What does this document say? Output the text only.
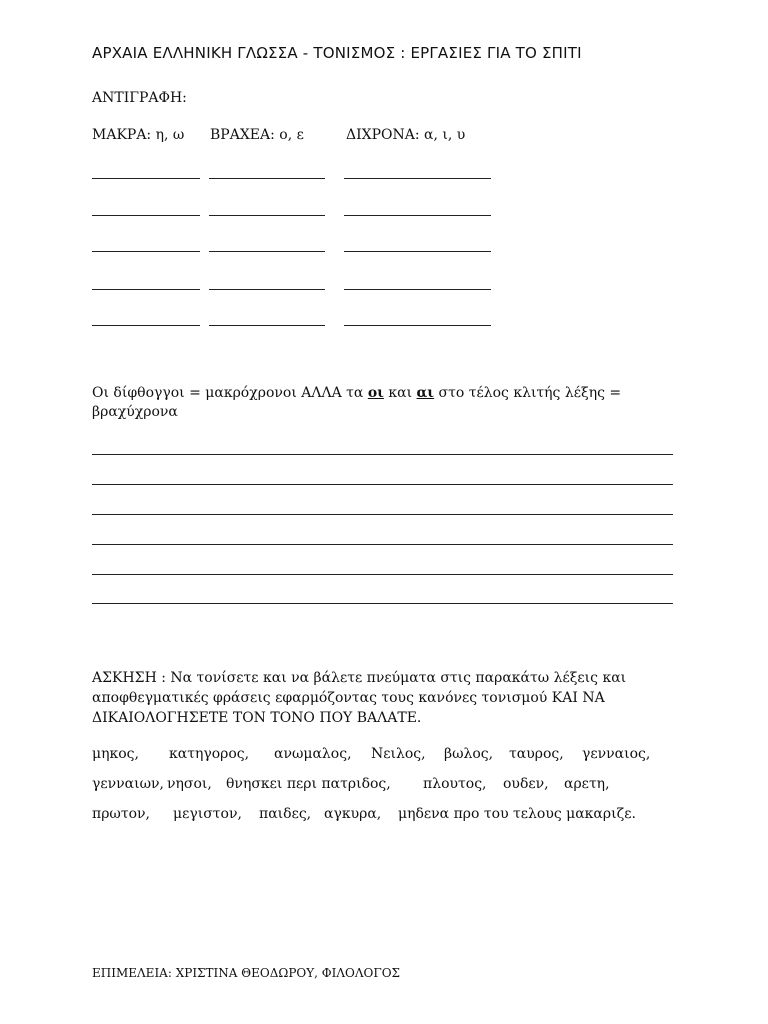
ΑΡΧΑΙΑ ΕΛΛΗΝΙΚΗ ΓΛΩΣΣΑ - ΤΟΝΙΣΜΟΣ : ΕΡΓΑΣΙΕΣ ΓΙΑ ΤΟ ΣΠΙΤΙ
ΑΝΤΙΓΡΑΦΗ:
ΜΑΚΡΑ: η, ω ΒΡΑΧΕΑ: ο, ε	ΔΙΧΡΟΝΑ: α, ι, υ
Οι δίφθογγοι = μακρόχρονοι ΑΛΛΑ τα οι και αι στο τέλος κλιτής λέξης = βραχύχρονα
ΑΣΚΗΣΗ : Να τονίσετε και να βάλετε πνεύματα στις παρακάτω λέξεις και αποφθεγματικές φράσεις εφαρμόζοντας τους κανόνες τονισμού ΚΑΙ ΝΑ ΔΙΚΑΙΟΛΟΓΗΣΕΤΕ ΤΟΝ ΤΟΝΟ ΠΟΥ ΒΑΛΑΤΕ.
μηκος, κατηγορος, ανωμαλος, Νειλος, βωλος, ταυρος, γενναιος,
γενναιων, νησοι, θνησκει περι πατριδος, πλουτος, ουδεν, αρετη,
πρωτον, μεγιστον, παιδες, αγκυρα, μηδενα προ του τελους μακαριζε.
ΕΠΙΜΕΛΕΙΑ: ΧΡΙΣΤΙΝΑ ΘΕΟΔΩΡΟΥ, ΦΙΛΟΛΟΓΟΣ
